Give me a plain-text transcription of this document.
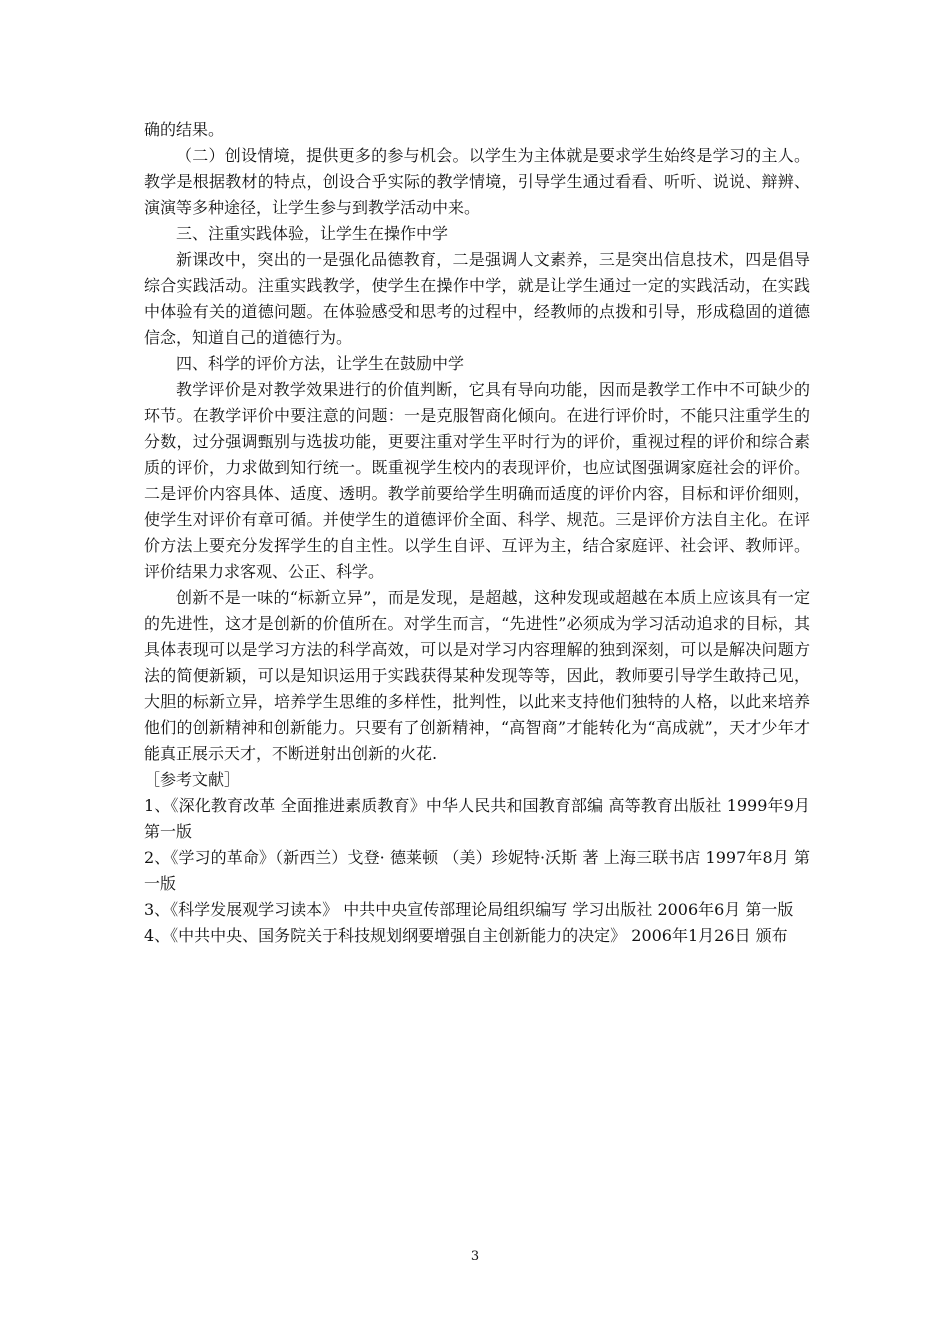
确的结果。

（二）创设情境，提供更多的参与机会。以学生为主体就是要求学生始终是学习的主人。教学是根据教材的特点，创设合乎实际的教学情境，引导学生通过看看、听听、说说、辩辨、演演等多种途径，让学生参与到教学活动中来。

三、注重实践体验，让学生在操作中学

新课改中，突出的一是强化品德教育，二是强调人文素养，三是突出信息技术，四是倡导综合实践活动。注重实践教学，使学生在操作中学，就是让学生通过一定的实践活动，在实践中体验有关的道德问题。在体验感受和思考的过程中，经教师的点拨和引导，形成稳固的道德信念，知道自己的道德行为。

四、科学的评价方法，让学生在鼓励中学

教学评价是对教学效果进行的价值判断，它具有导向功能，因而是教学工作中不可缺少的环节。在教学评价中要注意的问题：一是克服智商化倾向。在进行评价时，不能只注重学生的分数，过分强调甄别与选拔功能，更要注重对学生平时行为的评价，重视过程的评价和综合素质的评价，力求做到知行统一。既重视学生校内的表现评价，也应试图强调家庭社会的评价。二是评价内容具体、适度、透明。教学前要给学生明确而适度的评价内容，目标和评价细则，使学生对评价有章可循。并使学生的道德评价全面、科学、规范。三是评价方法自主化。在评价方法上要充分发挥学生的自主性。以学生自评、互评为主，结合家庭评、社会评、教师评。评价结果力求客观、公正、科学。

创新不是一味的“标新立异”，而是发现，是超越，这种发现或超越在本质上应该具有一定的先进性，这才是创新的价值所在。对学生而言，“先进性”必须成为学习活动追求的目标，其具体表现可以是学习方法的科学高效，可以是对学习内容理解的独到深刻，可以是解决问题方法的简便新颖，可以是知识运用于实践获得某种发现等等，因此，教师要引导学生敢持己见，大胆的标新立异，培养学生思维的多样性，批判性，以此来支持他们独特的人格，以此来培养他们的创新精神和创新能力。只要有了创新精神，“高智商”才能转化为“高成就”，天才少年才能真正展示天才，不断迸射出创新的火花.

［参考文献］

1、《深化教育改革 全面推进素质教育》中华人民共和国教育部编 高等教育出版社 1999年9月 第一版

2、《学习的革命》（新西兰）戈登· 德莱顿 （美）珍妮特·沃斯 著 上海三联书店 1997年8月 第一版

3、《科学发展观学习读本》 中共中央宣传部理论局组织编写 学习出版社 2006年6月 第一版

4、《中共中央、国务院关于科技规划纲要增强自主创新能力的决定》 2006年1月26日 颁布

3
